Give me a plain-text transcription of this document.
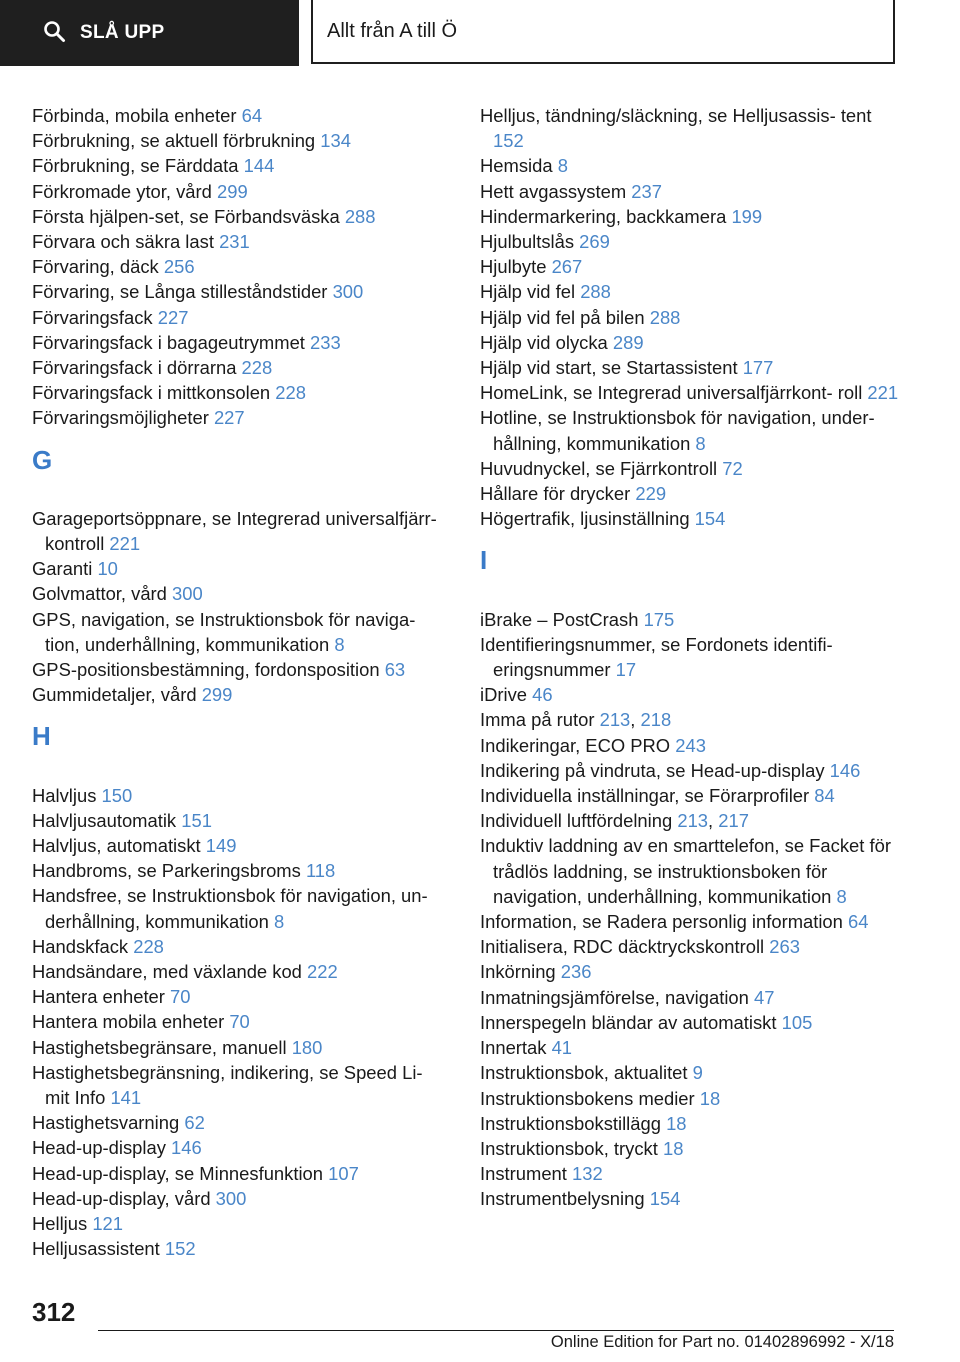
SLÅ UPP	Allt från A till Ö

Förbinda, mobila enheter 64

Förbrukning, se aktuell förbrukning 134

Förbrukning, se Färddata 144

Förkromade ytor, vård 299

Första hjälpen-set, se Förbandsväska 288

Förvara och säkra last 231

Förvaring, däck 256

Förvaring, se Långa stilleståndstider 300

Förvaringsfack 227

Förvaringsfack i bagageutrymmet 233

Förvaringsfack i dörrarna 228

Förvaringsfack i mittkonsolen 228

Förvaringsmöjligheter 227

G

Garageportsöppnare, se Integrerad universalfjärr- kontroll 221

Garanti 10

Golvmattor, vård 300

GPS, navigation, se Instruktionsbok för naviga- tion, underhållning, kommunikation 8

GPS-positionsbestämning, fordonsposition 63

Gummidetaljer, vård 299

H

Halvljus 150

Halvljusautomatik 151

Halvljus, automatiskt 149

Handbroms, se Parkeringsbroms 118

Handsfree, se Instruktionsbok för navigation, un- derhållning, kommunikation 8

Handskfack 228

Handsändare, med växlande kod 222

Hantera enheter 70

Hantera mobila enheter 70

Hastighetsbegränsare, manuell 180

Hastighetsbegränsning, indikering, se Speed Li- mit Info 141

Hastighetsvarning 62

Head-up-display 146

Head-up-display, se Minnesfunktion 107

Head-up-display, vård 300

Helljus 121

Helljusassistent 152

Helljus, tändning/släckning, se Helljusassis- tent 152

Hemsida 8

Hett avgassystem 237

Hindermarkering, backkamera 199

Hjulbultslås 269

Hjulbyte 267

Hjälp vid fel 288

Hjälp vid fel på bilen 288

Hjälp vid olycka 289

Hjälp vid start, se Startassistent 177

HomeLink, se Integrerad universalfjärrkont- roll 221

Hotline, se Instruktionsbok för navigation, under- hållning, kommunikation 8

Huvudnyckel, se Fjärrkontroll 72

Hållare för drycker 229

Högertrafik, ljusinställning 154

I

iBrake – PostCrash 175

Identifieringsnummer, se Fordonets identifi- eringsnummer 17

iDrive 46

Imma på rutor 213, 218

Indikeringar, ECO PRO 243

Indikering på vindruta, se Head-up-display 146

Individuella inställningar, se Förarprofiler 84

Individuell luftfördelning 213, 217

Induktiv laddning av en smarttelefon, se Facket för trådlös laddning, se instruktionsboken för navigation, underhållning, kommunikation 8

Information, se Radera personlig information 64

Initialisera, RDC däcktryckskontroll 263

Inkörning 236

Inmatningsjämförelse, navigation 47

Innerspegeln bländar av automatiskt 105

Innertak 41

Instruktionsbok, aktualitet 9

Instruktionsbokens medier 18

Instruktionsbokstillägg 18

Instruktionsbok, tryckt 18

Instrument 132

Instrumentbelysning 154

312
Online Edition for Part no. 01402896992 - X/18
